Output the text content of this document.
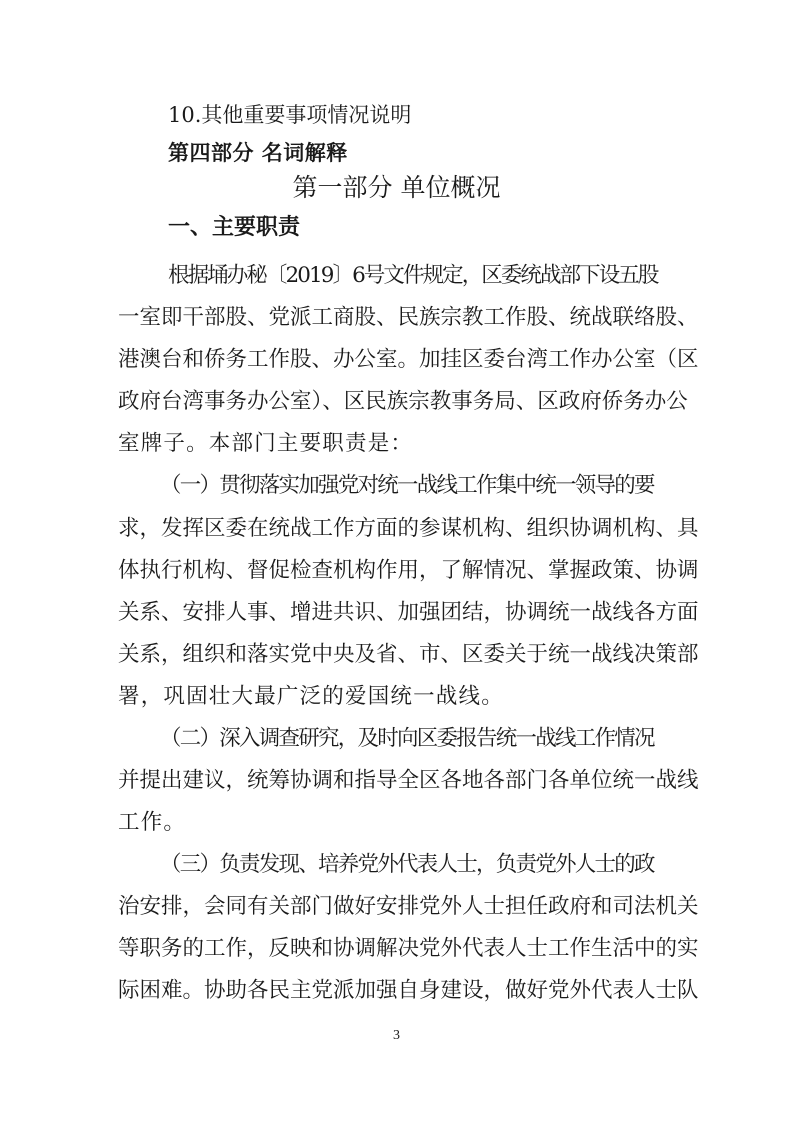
10.其他重要事项情况说明
第四部分 名词解释
第一部分 单位概况
一、主要职责
根据埇办秘〔2019〕6号文件规定，区委统战部下设五股
一室即干部股、党派工商股、民族宗教工作股、统战联络股、
港澳台和侨务工作股、办公室。加挂区委台湾工作办公室（区
政府台湾事务办公室）、区民族宗教事务局、区政府侨务办公
室牌子。本部门主要职责是：
（一）贯彻落实加强党对统一战线工作集中统一领导的要
求，发挥区委在统战工作方面的参谋机构、组织协调机构、具
体执行机构、督促检查机构作用，了解情况、掌握政策、协调
关系、安排人事、增进共识、加强团结，协调统一战线各方面
关系，组织和落实党中央及省、市、区委关于统一战线决策部
署，巩固壮大最广泛的爱国统一战线。
（二）深入调查研究，及时向区委报告统一战线工作情况
并提出建议，统筹协调和指导全区各地各部门各单位统一战线
工作。
（三）负责发现、培养党外代表人士，负责党外人士的政
治安排，会同有关部门做好安排党外人士担任政府和司法机关
等职务的工作，反映和协调解决党外代表人士工作生活中的实
际困难。协助各民主党派加强自身建设，做好党外代表人士队
3
